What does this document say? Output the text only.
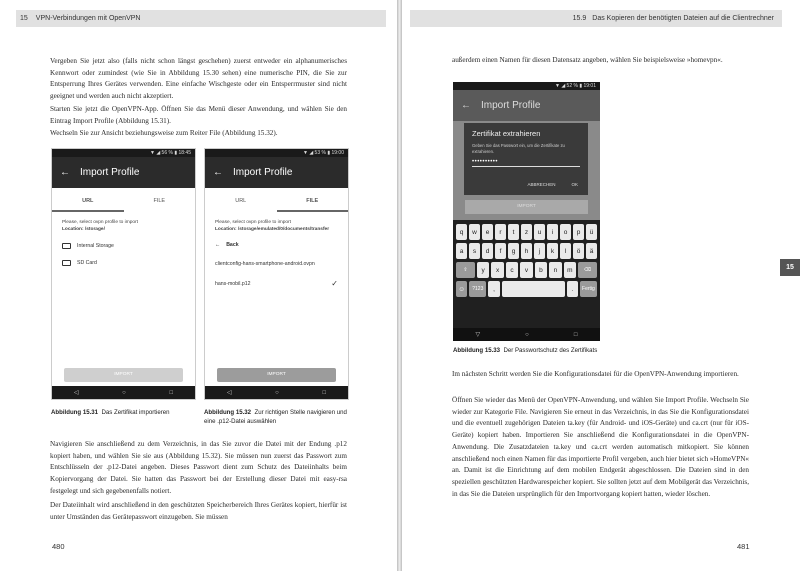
15 VPN-Verbindungen mit OpenVPN

Vergeben Sie jetzt also (falls nicht schon längst geschehen) zuerst entweder ein alphanumerisches Kennwort oder zumindest (wie Sie in Abbildung 15.30 sehen) eine numerische PIN, die Sie zur Entsperrung Ihres Gerätes verwenden. Eine einfache Wischgeste oder ein Entsperrmuster sind nicht geeignet und werden auch nicht akzeptiert.

Starten Sie jetzt die OpenVPN-App. Öffnen Sie das Menü dieser Anwendung, und wählen Sie den Eintrag Import Profile (Abbildung 15.31).

Wechseln Sie zur Ansicht beziehungsweise zum Reiter File (Abbildung 15.32).

▼ ◢ 56 % ▮ 18:45
← Import Profile
URL	FILE
Please, select ovpn profile to import
Location: /storage/
Internal Storage
SD Card
IMPORT
◁	○	□
▼ ◢ 53 % ▮ 19:00
← Import Profile
URL	FILE
Please, select ovpn profile to import
Location: /storage/emulated/0/documents/transfer
← Back
clientconfig-hans-smartphone-android.ovpn
hans-mobil.p12	✓
IMPORT
◁	○	□
Abbildung 15.31 Das Zertifikat importieren	Abbildung 15.32 Zur richtigen Stelle navigieren und eine .p12-Datei auswählen

Navigieren Sie anschließend zu dem Verzeichnis, in das Sie zuvor die Datei mit der Endung .p12 kopiert haben, und wählen Sie sie aus (Abbildung 15.32). Sie müssen nun zuerst das Passwort zum Entschlüsseln der .p12-Datei angeben. Dieses Passwort dient zum Schutz des Dateiinhalts beim Kopiervorgang der Datei. Sie hatten das Passwort bei der Erstellung dieser Datei mit easy-rsa festgelegt und sich gegebenenfalls notiert.

Der Dateiinhalt wird anschließend in den geschützten Speicherbereich Ihres Gerätes kopiert, hierfür ist unter Umständen das Gerätepasswort einzugeben. Sie müssen

480
15.9 Das Kopieren der benötigten Dateien auf die Clientrechner

außerdem einen Namen für diesen Datensatz angeben, wählen Sie beispielsweise »homevpn«.

▼ ◢ 52 % ▮ 19:01
← Import Profile
IMPORT
Zertifikat extrahieren
Geben Sie das Passwort ein, um die Zertifikate zu extrahieren.
••••••••••
ABBRECHEN	OK
q	w	e	r	t	z	u	i	o	p	ü
a	s	d	f	g	h	j	k	l	ö	ä
⇧	y	x	c	v	b	n	m	⌫
☺	?123	,	.	Fertig
▽	○	□
Abbildung 15.33 Der Passwortschutz des Zertifikats

Im nächsten Schritt werden Sie die Konfigurationsdatei für die OpenVPN-Anwendung importieren.

Öffnen Sie wieder das Menü der OpenVPN-Anwendung, und wählen Sie Import Profile. Wechseln Sie wieder zur Kategorie File. Navigieren Sie erneut in das Verzeichnis, in das Sie die Konfigurationsdatei und die eventuell zugehörigen Dateien ta.key (für Android- und iOS-Geräte) und ca.crt (nur für iOS-Geräte) kopiert haben. Importieren Sie anschließend die Konfigurationsdatei in die OpenVPN-Anwendung. Die Zusatzdateien ta.key und ca.crt werden automatisch mitkopiert. Sie können anschließend noch einen Namen für das importierte Profil vergeben, auch hier bietet sich »HomeVPN« an. Damit ist die Einrichtung auf dem mobilen Endgerät abgeschlossen. Die Dateien sind in den speziellen geschützten Hardwarespeicher kopiert. Sie sollten jetzt auf dem Mobilgerät das Verzeichnis, in das Sie die Dateien ursprünglich für den Importvorgang kopiert hatten, wieder löschen.

15
481
